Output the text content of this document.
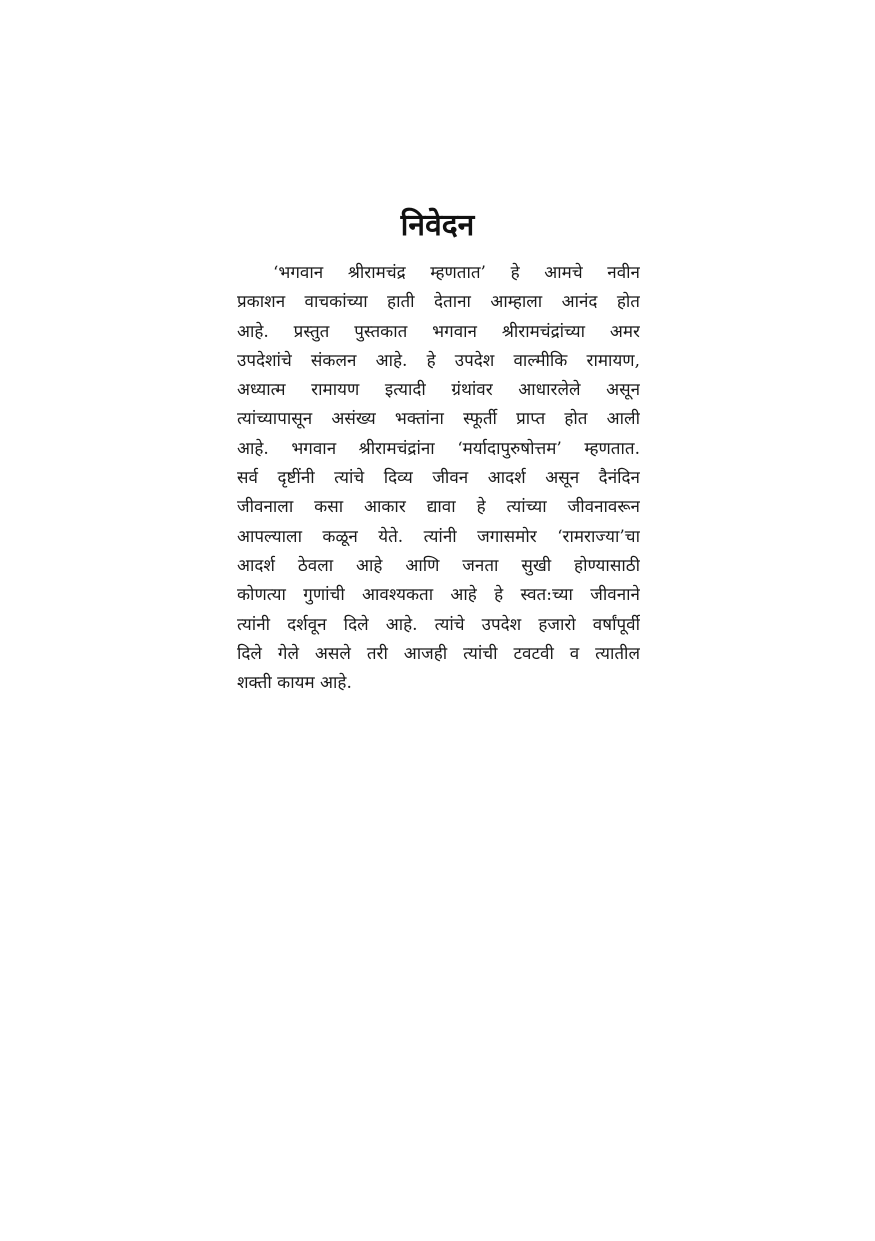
निवेदन
‘भगवान श्रीरामचंद्र म्हणतात’ हे आमचे नवीन
प्रकाशन वाचकांच्या हाती देताना आम्हाला आनंद होत
आहे. प्रस्तुत पुस्तकात भगवान श्रीरामचंद्रांच्या अमर
उपदेशांचे संकलन आहे. हे उपदेश वाल्मीकि रामायण,
अध्यात्म रामायण इत्यादी ग्रंथांवर आधारलेले असून
त्यांच्यापासून असंख्य भक्तांना स्फूर्ती प्राप्त होत आली
आहे. भगवान श्रीरामचंद्रांना ‘मर्यादापुरुषोत्तम’ म्हणतात.
सर्व दृष्टींनी त्यांचे दिव्य जीवन आदर्श असून दैनंदिन
जीवनाला कसा आकार द्यावा हे त्यांच्या जीवनावरून
आपल्याला कळून येते. त्यांनी जगासमोर ‘रामराज्या’चा
आदर्श ठेवला आहे आणि जनता सुखी होण्यासाठी
कोणत्या गुणांची आवश्यकता आहे हे स्वत:च्या जीवनाने
त्यांनी दर्शवून दिले आहे. त्यांचे उपदेश हजारो वर्षांपूर्वी
दिले गेले असले तरी आजही त्यांची टवटवी व त्यातील
शक्ती कायम आहे.
